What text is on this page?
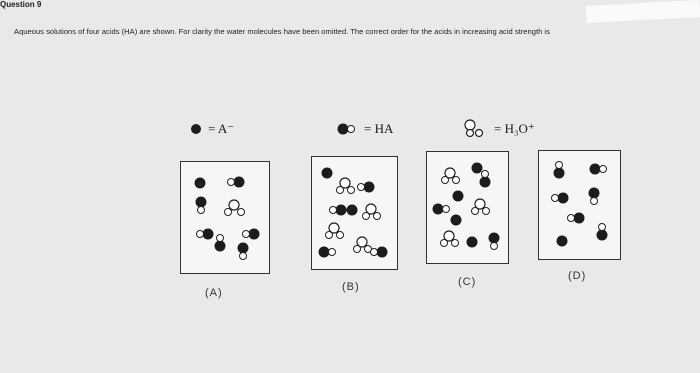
Question 9
Aqueous solutions of four acids (HA) are shown. For clarity the water molecules have been omitted. The correct order for the acids in increasing acid strength is
= A⁻	= HA	= H₃O⁺
(A)	(B)	(C)	(D)
